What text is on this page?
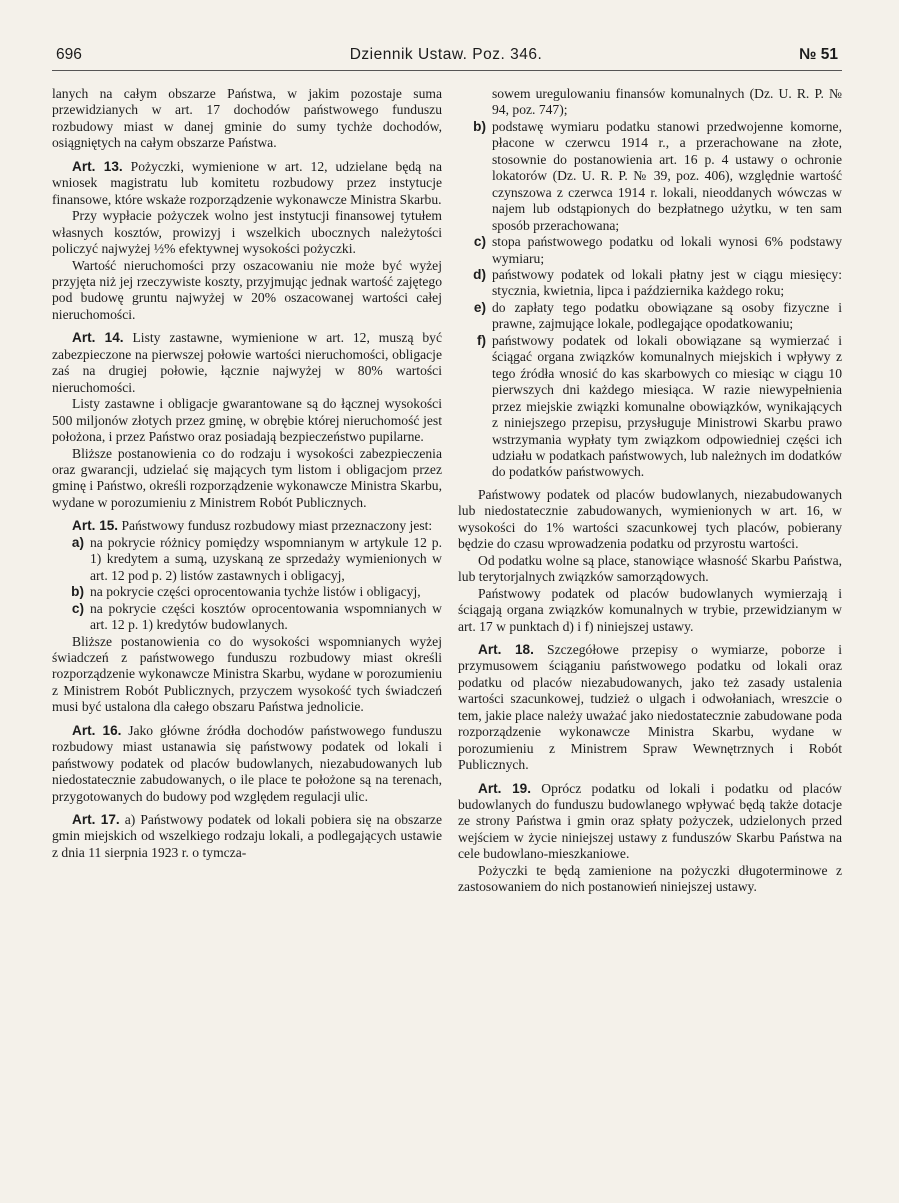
696	Dziennik Ustaw. Poz. 346.	№ 51

lanych na całym obszarze Państwa, w jakim pozostaje suma przewidzianych w art. 17 dochodów państwowego funduszu rozbudowy miast w danej gminie do sumy tychże dochodów, osiągniętych na całym obszarze Państwa.

Art. 13. Pożyczki, wymienione w art. 12, udzielane będą na wniosek magistratu lub komitetu rozbudowy przez instytucje finansowe, które wskaże rozporządzenie wykonawcze Ministra Skarbu.

Przy wypłacie pożyczek wolno jest instytucji finansowej tytułem własnych kosztów, prowizyj i wszelkich ubocznych należytości policzyć najwyżej ½% efektywnej wysokości pożyczki.

Wartość nieruchomości przy oszacowaniu nie może być wyżej przyjęta niż jej rzeczywiste koszty, przyjmując jednak wartość zajętego pod budowę gruntu najwyżej w 20% oszacowanej wartości całej nieruchomości.

Art. 14. Listy zastawne, wymienione w art. 12, muszą być zabezpieczone na pierwszej połowie wartości nieruchomości, obligacje zaś na drugiej połowie, łącznie najwyżej w 80% wartości nieruchomości.

Listy zastawne i obligacje gwarantowane są do łącznej wysokości 500 miljonów złotych przez gminę, w obrębie której nieruchomość jest położona, i przez Państwo oraz posiadają bezpieczeństwo pupilarne.

Bliższe postanowienia co do rodzaju i wysokości zabezpieczenia oraz gwarancji, udzielać się mających tym listom i obligacjom przez gminę i Państwo, określi rozporządzenie wykonawcze Ministra Skarbu, wydane w porozumieniu z Ministrem Robót Publicznych.

Art. 15. Państwowy fundusz rozbudowy miast przeznaczony jest:

a) na pokrycie różnicy pomiędzy wspomnianym w artykule 12 p. 1) kredytem a sumą, uzyskaną ze sprzedaży wymienionych w art. 12 pod p. 2) listów zastawnych i obligacyj,
b) na pokrycie części oprocentowania tychże listów i obligacyj,
c) na pokrycie części kosztów oprocentowania wspomnianych w art. 12 p. 1) kredytów budowlanych.

Bliższe postanowienia co do wysokości wspomnianych wyżej świadczeń z państwowego funduszu rozbudowy miast określi rozporządzenie wykonawcze Ministra Skarbu, wydane w porozumieniu z Ministrem Robót Publicznych, przyczem wysokość tych świadczeń musi być ustalona dla całego obszaru Państwa jednolicie.

Art. 16. Jako główne źródła dochodów państwowego funduszu rozbudowy miast ustanawia się państwowy podatek od lokali i państwowy podatek od placów budowlanych, niezabudowanych lub niedostatecznie zabudowanych, o ile place te położone są na terenach, przygotowanych do budowy pod względem regulacji ulic.

Art. 17. a) Państwowy podatek od lokali pobiera się na obszarze gmin miejskich od wszelkiego rodzaju lokali, a podlegających ustawie z dnia 11 sierpnia 1923 r. o tymcza-

sowem uregulowaniu finansów komunalnych (Dz. U. R. P. № 94, poz. 747);
b) podstawę wymiaru podatku stanowi przedwojenne komorne, płacone w czerwcu 1914 r., a przerachowane na złote, stosownie do postanowienia art. 16 p. 4 ustawy o ochronie lokatorów (Dz. U. R. P. № 39, poz. 406), względnie wartość czynszowa z czerwca 1914 r. lokali, nieoddanych wówczas w najem lub odstąpionych do bezpłatnego użytku, w ten sam sposób przerachowana;
c) stopa państwowego podatku od lokali wynosi 6% podstawy wymiaru;
d) państwowy podatek od lokali płatny jest w ciągu miesięcy: stycznia, kwietnia, lipca i października każdego roku;
e) do zapłaty tego podatku obowiązane są osoby fizyczne i prawne, zajmujące lokale, podlegające opodatkowaniu;
f) państwowy podatek od lokali obowiązane są wymierzać i ściągać organa związków komunalnych miejskich i wpływy z tego źródła wnosić do kas skarbowych co miesiąc w ciągu 10 pierwszych dni każdego miesiąca. W razie niewypełnienia przez miejskie związki komunalne obowiązków, wynikających z niniejszego przepisu, przysługuje Ministrowi Skarbu prawo wstrzymania wypłaty tym związkom odpowiedniej części ich udziału w podatkach państwowych, lub należnych im dodatków do podatków państwowych.

Państwowy podatek od placów budowlanych, niezabudowanych lub niedostatecznie zabudowanych, wymienionych w art. 16, w wysokości do 1% wartości szacunkowej tych placów, pobierany będzie do czasu wprowadzenia podatku od przyrostu wartości.

Od podatku wolne są place, stanowiące własność Skarbu Państwa, lub terytorjalnych związków samorządowych.

Państwowy podatek od placów budowlanych wymierzają i ściągają organa związków komunalnych w trybie, przewidzianym w art. 17 w punktach d) i f) niniejszej ustawy.

Art. 18. Szczegółowe przepisy o wymiarze, poborze i przymusowem ściąganiu państwowego podatku od lokali oraz podatku od placów niezabudowanych, jako też zasady ustalenia wartości szacunkowej, tudzież o ulgach i odwołaniach, wreszcie o tem, jakie place należy uważać jako niedostatecznie zabudowane poda rozporządzenie wykonawcze Ministra Skarbu, wydane w porozumieniu z Ministrem Spraw Wewnętrznych i Robót Publicznych.

Art. 19. Oprócz podatku od lokali i podatku od placów budowlanych do funduszu budowlanego wpływać będą także dotacje ze strony Państwa i gmin oraz spłaty pożyczek, udzielonych przed wejściem w życie niniejszej ustawy z funduszów Skarbu Państwa na cele budowlano-mieszkaniowe.

Pożyczki te będą zamienione na pożyczki długoterminowe z zastosowaniem do nich postanowień niniejszej ustawy.
